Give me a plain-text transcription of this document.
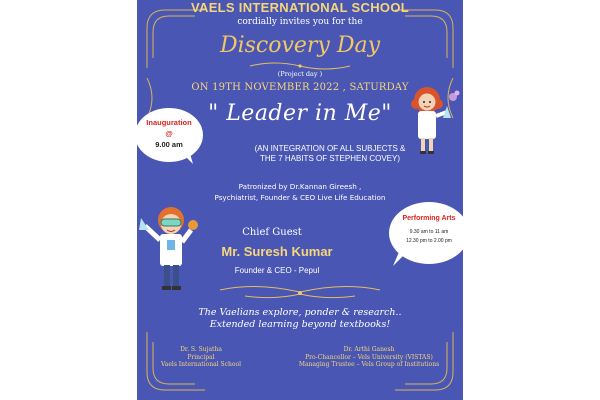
VAELS INTERNATIONAL SCHOOL
cordially invites you for the
Discovery Day
(Project day )
ON 19TH NOVEMBER 2022 , SATURDAY
" Leader in Me"
Inauguration
@
9.00 am	(AN INTEGRATION OF ALL SUBJECTS &
THE 7 HABITS OF STEPHEN COVEY)
Patronized by Dr.Kannan Gireesh ,
Psychiatrist, Founder & CEO Live Life Education
Chief Guest
Mr. Suresh Kumar
Founder & CEO - Pepul
Performing Arts
9.30 am to 11 am
12.30 pm to 2.00 pm
The Vaelians explore, ponder & research..
Extended learning beyond textbooks!
Dr. S. Sujatha
Principal
Vaels International School
Dr. Arthi Ganesh
Pro-Chancellor – Vels University (VISTAS)
Managing Trustee – Vels Group of Institutions
